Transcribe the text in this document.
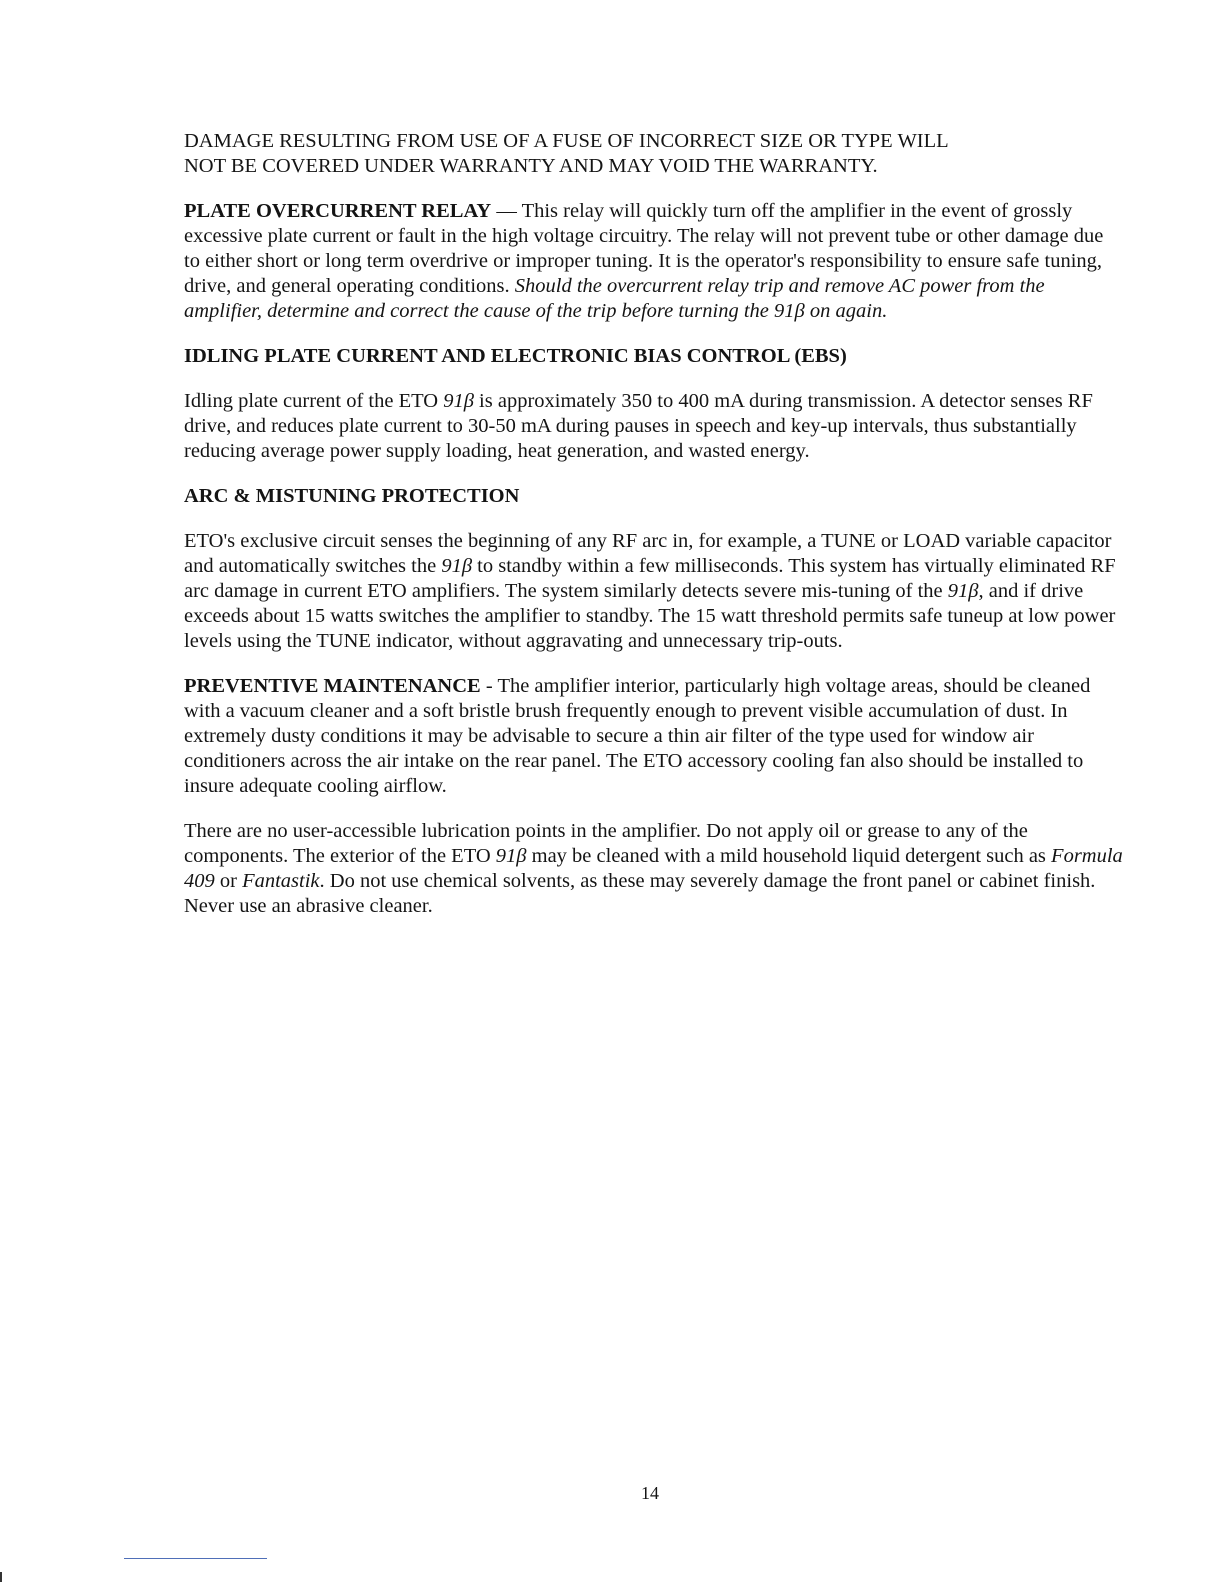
DAMAGE RESULTING FROM USE OF A FUSE OF INCORRECT SIZE OR TYPE WILL
NOT BE COVERED UNDER WARRANTY AND MAY VOID THE WARRANTY.

PLATE OVERCURRENT RELAY — This relay will quickly turn off the amplifier in the event of grossly excessive plate current or fault in the high voltage circuitry. The relay will not prevent tube or other damage due to either short or long term overdrive or improper tuning. It is the operator's responsibility to ensure safe tuning, drive, and general operating conditions. Should the overcurrent relay trip and remove AC power from the amplifier, determine and correct the cause of the trip before turning the 91β on again.

IDLING PLATE CURRENT AND ELECTRONIC BIAS CONTROL (EBS)

Idling plate current of the ETO 91β is approximately 350 to 400 mA during transmission. A detector senses RF drive, and reduces plate current to 30-50 mA during pauses in speech and key-up intervals, thus substantially reducing average power supply loading, heat generation, and wasted energy.

ARC & MISTUNING PROTECTION

ETO's exclusive circuit senses the beginning of any RF arc in, for example, a TUNE or LOAD variable capacitor and automatically switches the 91β to standby within a few milliseconds. This system has virtually eliminated RF arc damage in current ETO amplifiers. The system similarly detects severe mis-tuning of the 91β, and if drive exceeds about 15 watts switches the amplifier to standby. The 15 watt threshold permits safe tuneup at low power levels using the TUNE indicator, without aggravating and unnecessary trip-outs.

PREVENTIVE MAINTENANCE - The amplifier interior, particularly high voltage areas, should be cleaned with a vacuum cleaner and a soft bristle brush frequently enough to prevent visible accumulation of dust. In extremely dusty conditions it may be advisable to secure a thin air filter of the type used for window air conditioners across the air intake on the rear panel. The ETO accessory cooling fan also should be installed to insure adequate cooling airflow.

There are no user-accessible lubrication points in the amplifier. Do not apply oil or grease to any of the components. The exterior of the ETO 91β may be cleaned with a mild household liquid detergent such as Formula 409 or Fantastik. Do not use chemical solvents, as these may severely damage the front panel or cabinet finish. Never use an abrasive cleaner.

14
